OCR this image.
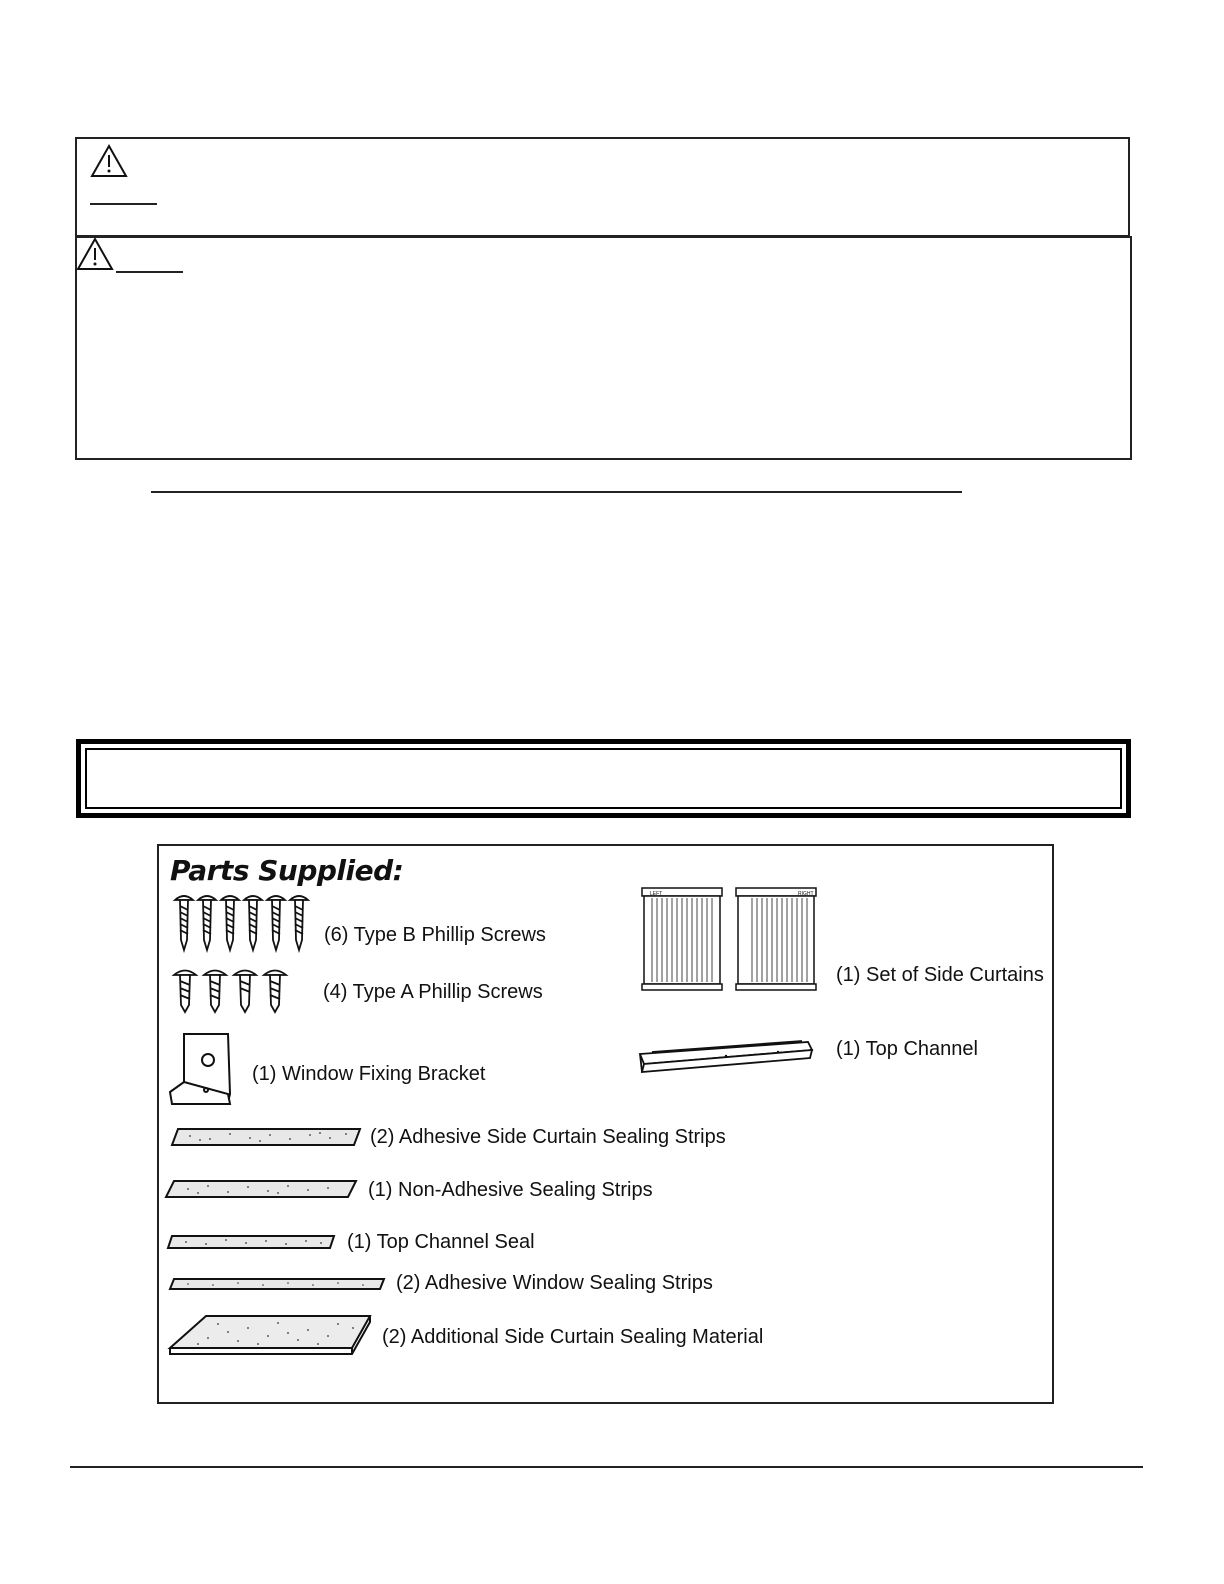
Parts Supplied:
(6) Type B Phillip Screws
(4) Type A Phillip Screws
(1) Window Fixing Bracket
(2) Adhesive Side Curtain Sealing Strips
(1) Non-Adhesive Sealing Strips
(1) Top Channel Seal
(2) Adhesive Window Sealing Strips
(2) Additional Side Curtain Sealing Material
LEFT	RIGHT
(1) Set of Side Curtains
(1) Top Channel
